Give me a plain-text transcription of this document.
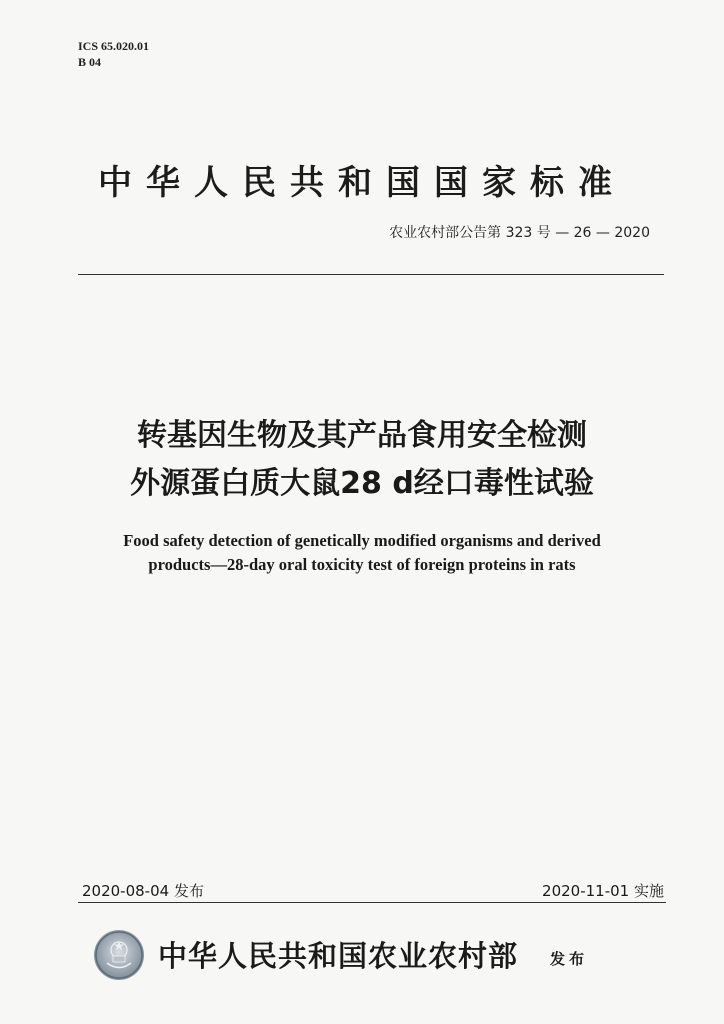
ICS 65.020.01
B 04
中华人民共和国国家标准
农业农村部公告第 323 号 — 26 — 2020
转基因生物及其产品食用安全检测
外源蛋白质大鼠28 d经口毒性试验
Food safety detection of genetically modified organisms and derived
products—28-day oral toxicity test of foreign proteins in rats
2020-08-04 发布	2020-11-01 实施
中华人民共和国农业农村部 发布
